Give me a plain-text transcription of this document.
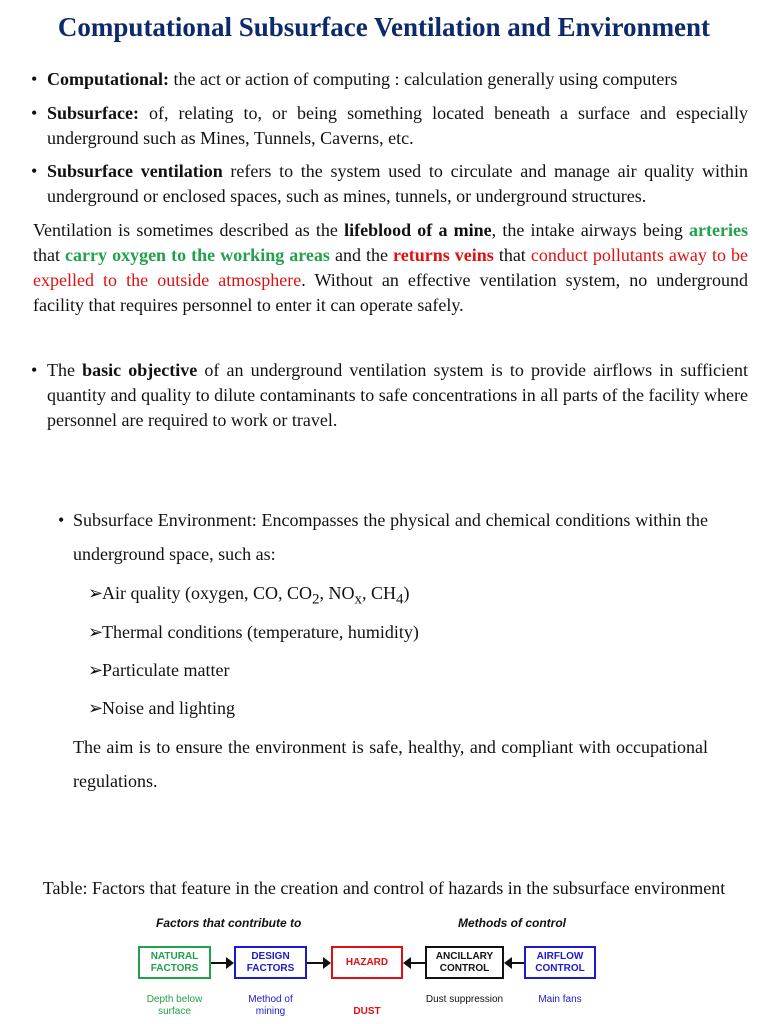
Computational Subsurface Ventilation and Environment
• Computational: the act or action of computing : calculation generally using computers
• Subsurface: of, relating to, or being something located beneath a surface and especially underground such as Mines, Tunnels, Caverns, etc.
• Subsurface ventilation refers to the system used to circulate and manage air quality within underground or enclosed spaces, such as mines, tunnels, or underground structures.
Ventilation is sometimes described as the lifeblood of a mine, the intake airways being arteries that carry oxygen to the working areas and the returns veins that conduct pollutants away to be expelled to the outside atmosphere. Without an effective ventilation system, no underground facility that requires personnel to enter it can operate safely.
• The basic objective of an underground ventilation system is to provide airflows in sufficient quantity and quality to dilute contaminants to safe concentrations in all parts of the facility where personnel are required to work or travel.
• Subsurface Environment: Encompasses the physical and chemical conditions within the underground space, such as:
➢Air quality (oxygen, CO, $CO_2$, $NO_x$, $CH_4$)
➢Thermal conditions (temperature, humidity)
➢Particulate matter
➢Noise and lighting
The aim is to ensure the environment is safe, healthy, and compliant with occupational regulations.
Table: Factors that feature in the creation and control of hazards in the subsurface environment
Factors that contribute to	Methods of control
NATURAL FACTORS
DESIGN FACTORS
HAZARD
ANCILLARY CONTROL
AIRFLOW CONTROL
Depth below surface
Method of mining	DUST
Dust suppression	Main fans
